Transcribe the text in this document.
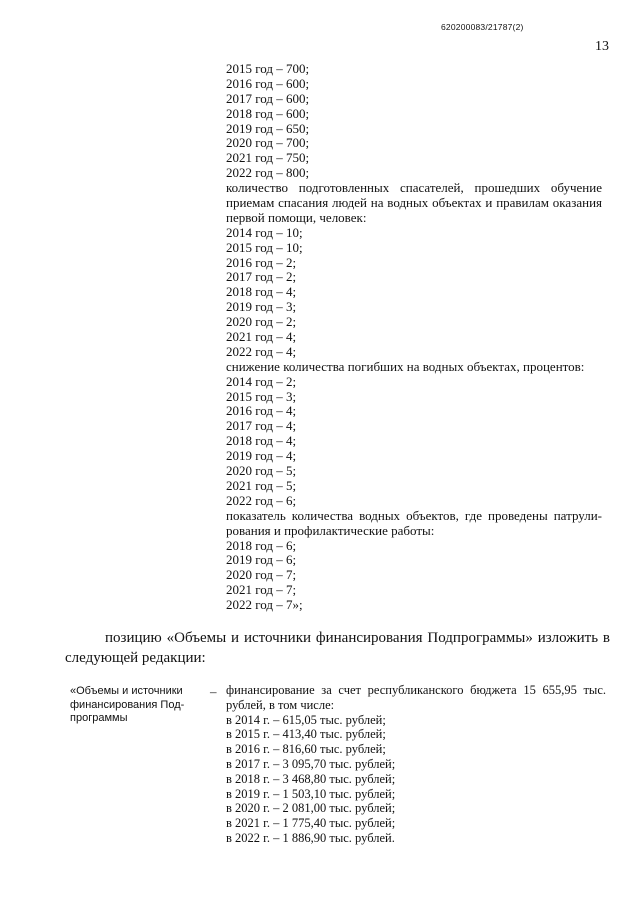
620200083/21787(2)
13
2015 год – 700;
2016 год – 600;
2017 год – 600;
2018 год – 600;
2019 год – 650;
2020 год – 700;
2021 год – 750;
2022 год – 800;
количество подготовленных спасателей, прошедших обучение
приемам спасания людей на водных объектах и правилам оказания
первой помощи, человек:
2014 год – 10;
2015 год – 10;
2016 год – 2;
2017 год – 2;
2018 год – 4;
2019 год – 3;
2020 год – 2;
2021 год – 4;
2022 год – 4;
снижение количества погибших на водных объектах, процентов:
2014 год – 2;
2015 год – 3;
2016 год – 4;
2017 год – 4;
2018 год – 4;
2019 год – 4;
2020 год – 5;
2021 год – 5;
2022 год – 6;
показатель количества водных объектов, где проведены патрули-
рования и профилактические работы:
2018 год – 6;
2019 год – 6;
2020 год – 7;
2021 год – 7;
2022 год – 7»;
позицию «Объемы и источники финансирования Подпрограммы» изложить в
следующей редакции:
«Объемы и источники финансирования Под-программы
– финансирование за счет республиканского бюджета 15 655,95 тыс.
рублей, в том числе:
в 2014 г. – 615,05 тыс. рублей;
в 2015 г. – 413,40 тыс. рублей;
в 2016 г. – 816,60 тыс. рублей;
в 2017 г. – 3 095,70 тыс. рублей;
в 2018 г. – 3 468,80 тыс. рублей;
в 2019 г. – 1 503,10 тыс. рублей;
в 2020 г. – 2 081,00 тыс. рублей;
в 2021 г. – 1 775,40 тыс. рублей;
в 2022 г. – 1 886,90 тыс. рублей.
